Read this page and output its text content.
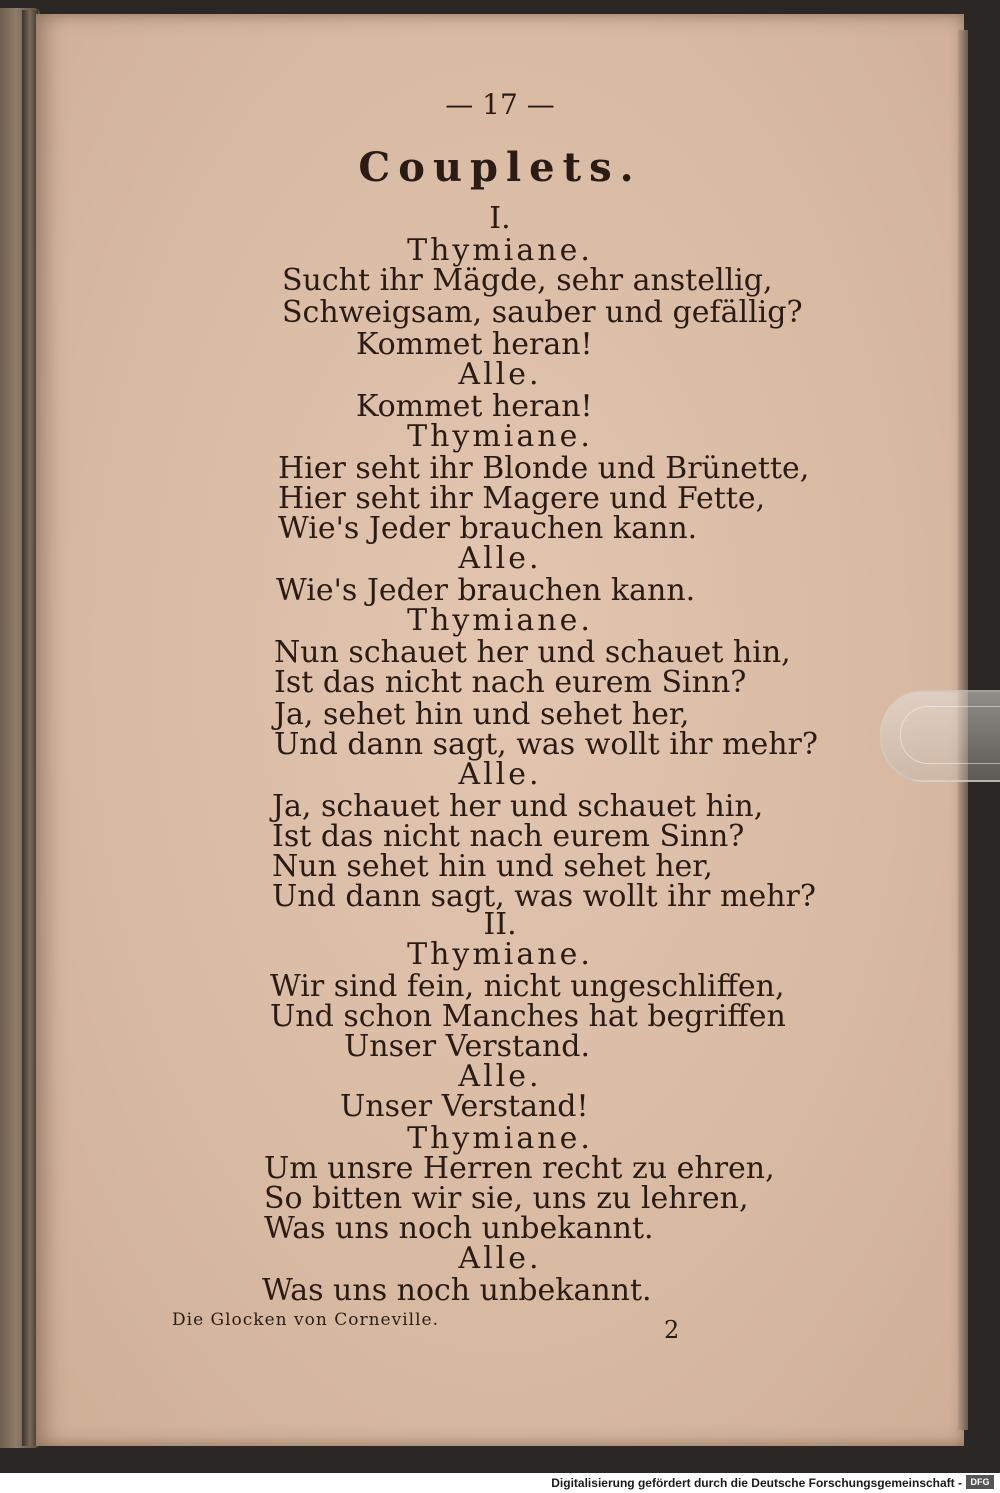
— 17 —
Couplets.
I.
Thymiane.
Sucht ihr Mägde, sehr anstellig,
Schweigsam, sauber und gefällig?
Kommet heran!
Alle.
Kommet heran!
Thymiane.
Hier seht ihr Blonde und Brünette,
Hier seht ihr Magere und Fette,
Wie's Jeder brauchen kann.
Alle.
Wie's Jeder brauchen kann.
Thymiane.
Nun schauet her und schauet hin,
Ist das nicht nach eurem Sinn?
Ja, sehet hin und sehet her,
Und dann sagt, was wollt ihr mehr?
Alle.
Ja, schauet her und schauet hin,
Ist das nicht nach eurem Sinn?
Nun sehet hin und sehet her,
Und dann sagt, was wollt ihr mehr?
II.
Thymiane.
Wir sind fein, nicht ungeschliffen,
Und schon Manches hat begriffen
Unser Verstand.
Alle.
Unser Verstand!
Thymiane.
Um unsre Herren recht zu ehren,
So bitten wir sie, uns zu lehren,
Was uns noch unbekannt.
Alle.
Was uns noch unbekannt.
Die Glocken von Corneville.	2
Digitalisierung gefördert durch die Deutsche Forschungsgemeinschaft - DFG
